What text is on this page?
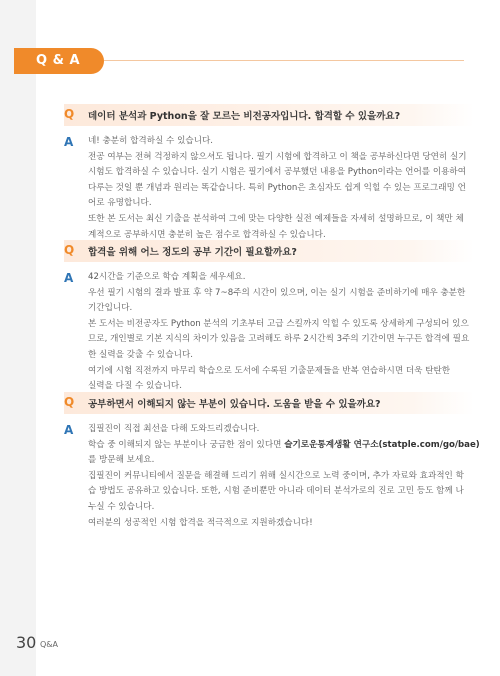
Q & A
Q 데이터 분석과 Python을 잘 모르는 비전공자입니다. 합격할 수 있을까요?
A 네! 충분히 합격하실 수 있습니다.
전공 여부는 전혀 걱정하지 않으셔도 됩니다. 필기 시험에 합격하고 이 책을 공부하신다면 당연히 실기
시험도 합격하실 수 있습니다. 실기 시험은 필기에서 공부했던 내용을 Python이라는 언어를 이용하여
다루는 것일 뿐 개념과 원리는 똑같습니다. 특히 Python은 초심자도 쉽게 익힐 수 있는 프로그래밍 언
어로 유명합니다.
또한 본 도서는 최신 기출을 분석하여 그에 맞는 다양한 실전 예제들을 자세히 설명하므로, 이 책만 체
계적으로 공부하시면 충분히 높은 점수로 합격하실 수 있습니다.
Q 합격을 위해 어느 정도의 공부 기간이 필요할까요?
A 42시간을 기준으로 학습 계획을 세우세요.
우선 필기 시험의 결과 발표 후 약 7~8주의 시간이 있으며, 이는 실기 시험을 준비하기에 매우 충분한
기간입니다.
본 도서는 비전공자도 Python 분석의 기초부터 고급 스킬까지 익힐 수 있도록 상세하게 구성되어 있으
므로, 개인별로 기본 지식의 차이가 있음을 고려해도 하루 2시간씩 3주의 기간이면 누구든 합격에 필요
한 실력을 갖출 수 있습니다.
여기에 시험 직전까지 마무리 학습으로 도서에 수록된 기출문제들을 반복 연습하시면 더욱 탄탄한
실력을 다질 수 있습니다.
Q 공부하면서 이해되지 않는 부분이 있습니다. 도움을 받을 수 있을까요?
A 집필진이 직접 최선을 다해 도와드리겠습니다.
학습 중 이해되지 않는 부분이나 궁금한 점이 있다면 슬기로운통계생활 연구소(statple.com/go/bae)
를 방문해 보세요.
집필진이 커뮤니티에서 질문을 해결해 드리기 위해 실시간으로 노력 중이며, 추가 자료와 효과적인 학
습 방법도 공유하고 있습니다. 또한, 시험 준비뿐만 아니라 데이터 분석가로의 진로 고민 등도 함께 나
누실 수 있습니다.
여러분의 성공적인 시험 합격을 적극적으로 지원하겠습니다!
30 Q&A
